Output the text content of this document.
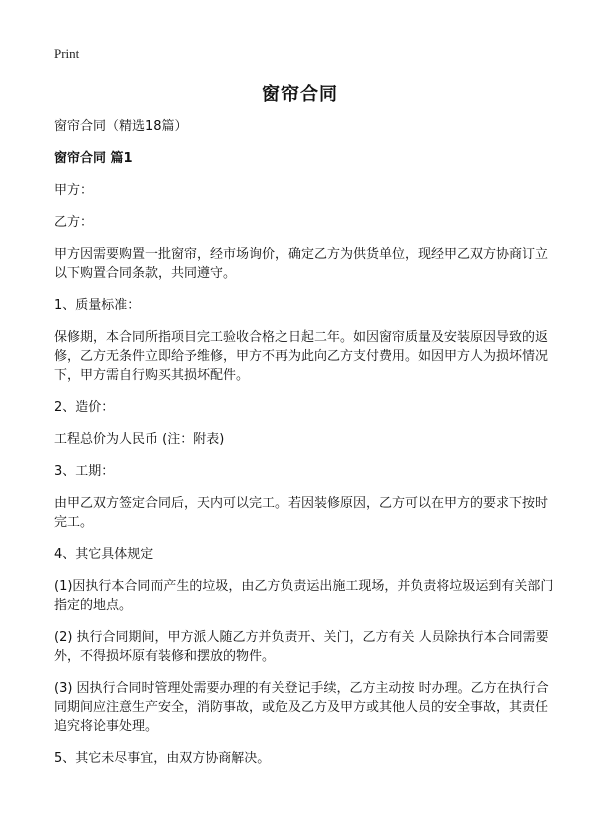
Print
窗帘合同

窗帘合同（精选18篇）

窗帘合同 篇1

甲方：

乙方：

甲方因需要购置一批窗帘，经市场询价，确定乙方为供货单位，现经甲乙双方协商订立以下购置合同条款，共同遵守。

1、质量标准：

保修期，本合同所指项目完工验收合格之日起二年。如因窗帘质量及安装原因导致的返修，乙方无条件立即给予维修，甲方不再为此向乙方支付费用。如因甲方人为损坏情况下，甲方需自行购买其损坏配件。

2、造价：

工程总价为人民币 (注：附表)

3、工期：

由甲乙双方签定合同后，天内可以完工。若因装修原因，乙方可以在甲方的要求下按时完工。

4、其它具体规定

(1)因执行本合同而产生的垃圾，由乙方负责运出施工现场，并负责将垃圾运到有关部门指定的地点。

(2) 执行合同期间，甲方派人随乙方并负责开、关门，乙方有关 人员除执行本合同需要外，不得损坏原有装修和摆放的物件。

(3) 因执行合同时管理处需要办理的有关登记手续，乙方主动按 时办理。乙方在执行合同期间应注意生产安全，消防事故，或危及乙方及甲方或其他人员的安全事故，其责任追究将论事处理。

5、其它未尽事宜，由双方协商解决。
